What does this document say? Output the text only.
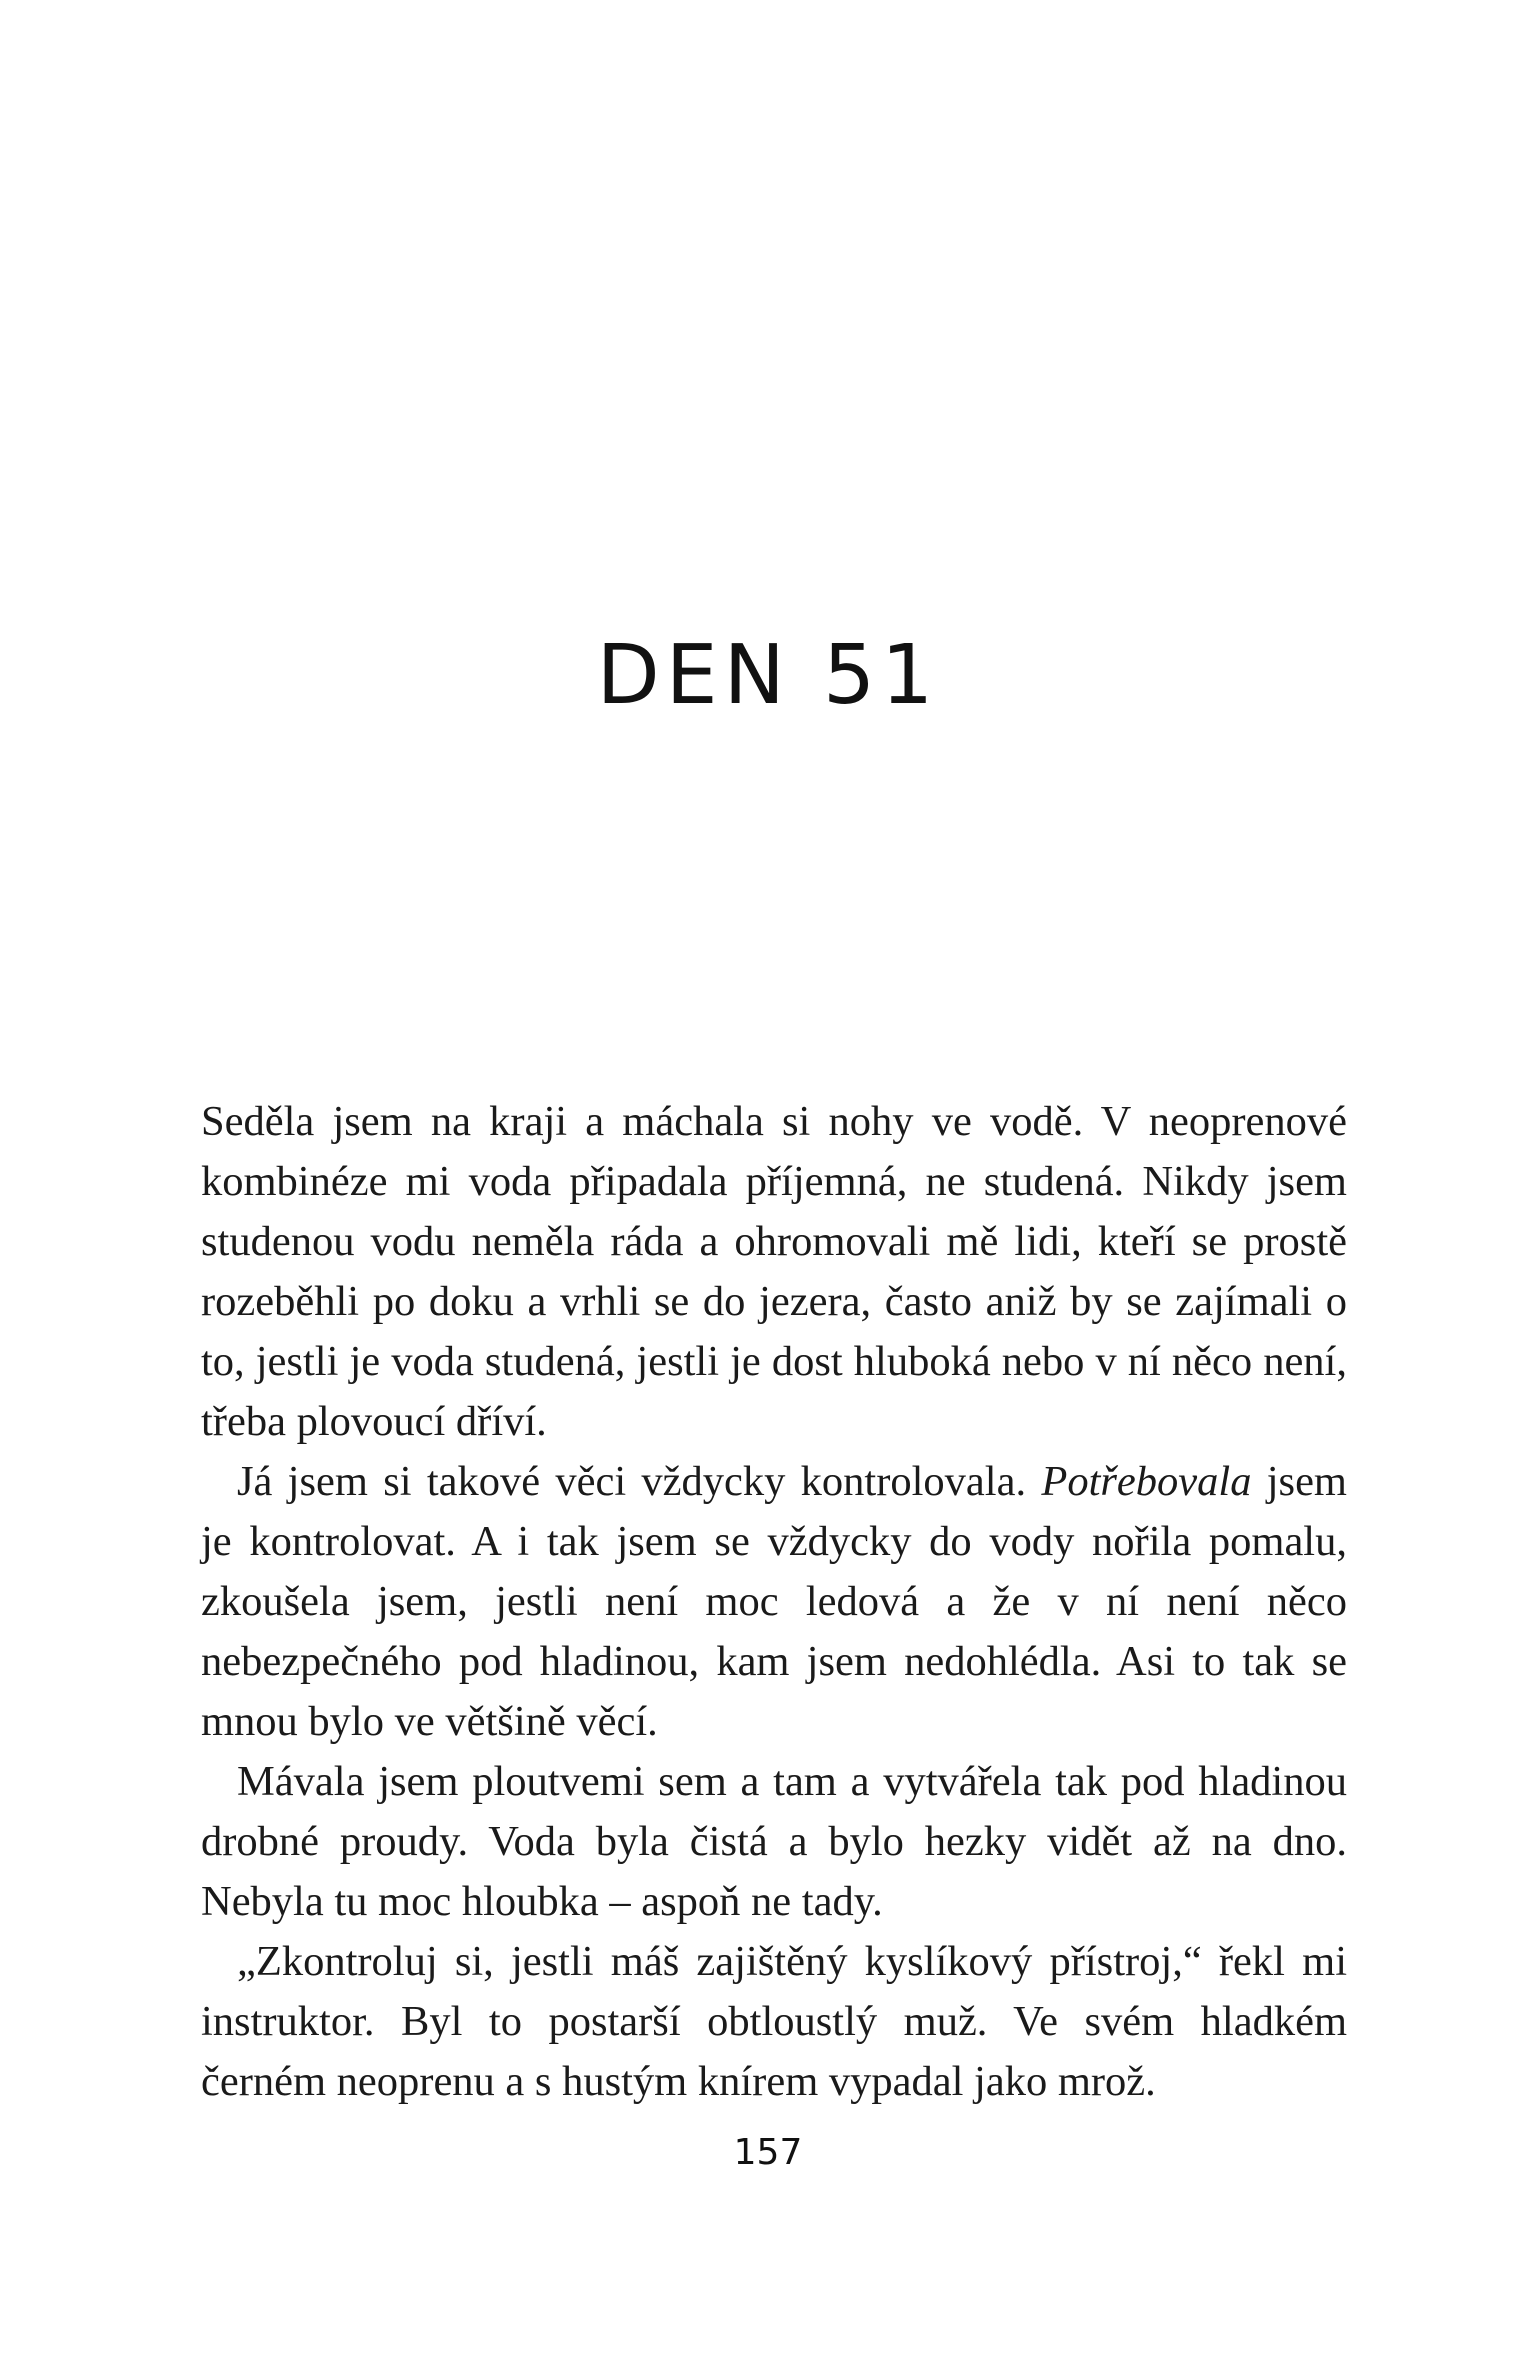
DEN 51

Seděla jsem na kraji a máchala si nohy ve vodě. V neoprenové kombinéze mi voda připadala příjemná, ne studená. Nikdy jsem studenou vodu neměla ráda a ohromovali mě lidi, kteří se prostě rozeběhli po doku a vrhli se do jezera, často aniž by se zajímali o to, jestli je voda studená, jestli je dost hluboká nebo v ní něco není, třeba plovoucí dříví.

Já jsem si takové věci vždycky kontrolovala. Potřebovala jsem je kontrolovat. A i tak jsem se vždycky do vody nořila pomalu, zkoušela jsem, jestli není moc ledová a že v ní není něco nebezpečného pod hladinou, kam jsem nedohlédla. Asi to tak se mnou bylo ve většině věcí.

Mávala jsem ploutvemi sem a tam a vytvářela tak pod hladinou drobné proudy. Voda byla čistá a bylo hezky vidět až na dno. Nebyla tu moc hloubka – aspoň ne tady.

„Zkontroluj si, jestli máš zajištěný kyslíkový přístroj,“ řekl mi instruktor. Byl to postarší obtloustlý muž. Ve svém hladkém černém neoprenu a s hustým knírem vypadal jako mrož.

157
